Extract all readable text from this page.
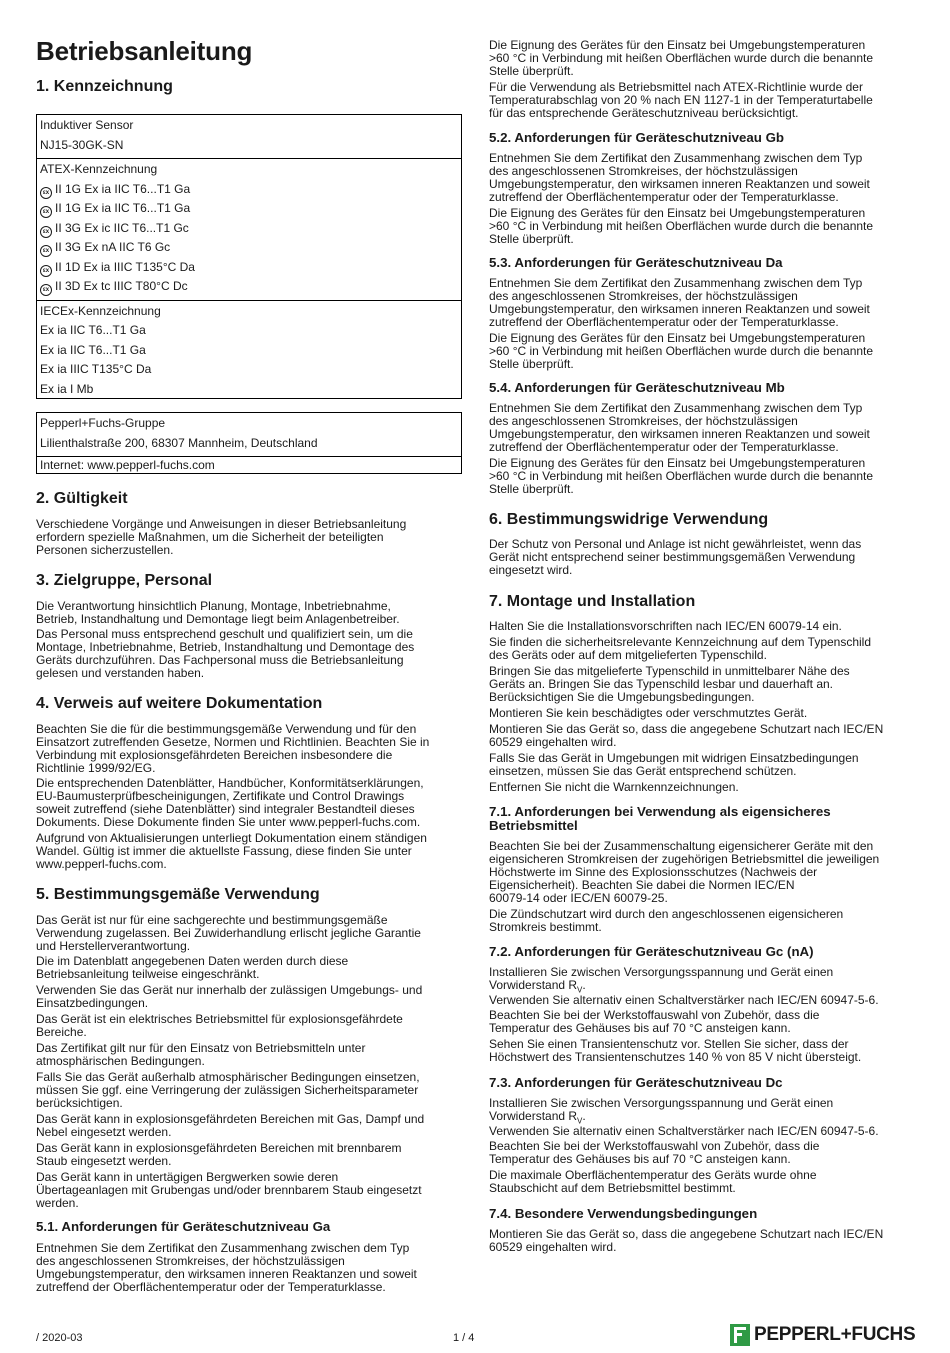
Betriebsanleitung
1. Kennzeichnung
Induktiver Sensor
NJ15-30GK-SN
ATEX-Kennzeichnung
εx II 1G Ex ia IIC T6...T1 Ga
εx II 1G Ex ia IIC T6...T1 Ga
εx II 3G Ex ic IIC T6...T1 Gc
εx II 3G Ex nA IIC T6 Gc
εx II 1D Ex ia IIIC T135°C Da
εx II 3D Ex tc IIIC T80°C Dc
IECEx-Kennzeichnung
Ex ia IIC T6...T1 Ga
Ex ia IIC T6...T1 Ga
Ex ia IIIC T135°C Da
Ex ia I Mb
Pepperl+Fuchs-Gruppe
Lilienthalstraße 200, 68307 Mannheim, Deutschland
Internet: www.pepperl-fuchs.com
2. Gültigkeit

Verschiedene Vorgänge und Anweisungen in dieser Betriebsanleitung
erfordern spezielle Maßnahmen, um die Sicherheit der beteiligten
Personen sicherzustellen.

3. Zielgruppe, Personal

Die Verantwortung hinsichtlich Planung, Montage, Inbetriebnahme,
Betrieb, Instandhaltung und Demontage liegt beim Anlagenbetreiber.

Das Personal muss entsprechend geschult und qualifiziert sein, um die
Montage, Inbetriebnahme, Betrieb, Instandhaltung und Demontage des
Geräts durchzuführen. Das Fachpersonal muss die Betriebsanleitung
gelesen und verstanden haben.

4. Verweis auf weitere Dokumentation

Beachten Sie die für die bestimmungsgemäße Verwendung und für den
Einsatzort zutreffenden Gesetze, Normen und Richtlinien. Beachten Sie in
Verbindung mit explosionsgefährdeten Bereichen insbesondere die
Richtlinie 1999/92/EG.

Die entsprechenden Datenblätter, Handbücher, Konformitätserklärungen,
EU-Baumusterprüfbescheinigungen, Zertifikate und Control Drawings
soweit zutreffend (siehe Datenblätter) sind integraler Bestandteil dieses
Dokuments. Diese Dokumente finden Sie unter www.pepperl-fuchs.com.

Aufgrund von Aktualisierungen unterliegt Dokumentation einem ständigen
Wandel. Gültig ist immer die aktuellste Fassung, diese finden Sie unter
www.pepperl-fuchs.com.

5. Bestimmungsgemäße Verwendung

Das Gerät ist nur für eine sachgerechte und bestimmungsgemäße
Verwendung zugelassen. Bei Zuwiderhandlung erlischt jegliche Garantie
und Herstellerverantwortung.

Die im Datenblatt angegebenen Daten werden durch diese
Betriebsanleitung teilweise eingeschränkt.

Verwenden Sie das Gerät nur innerhalb der zulässigen Umgebungs- und
Einsatzbedingungen.

Das Gerät ist ein elektrisches Betriebsmittel für explosionsgefährdete
Bereiche.

Das Zertifikat gilt nur für den Einsatz von Betriebsmitteln unter
atmosphärischen Bedingungen.

Falls Sie das Gerät außerhalb atmosphärischer Bedingungen einsetzen,
müssen Sie ggf. eine Verringerung der zulässigen Sicherheitsparameter
berücksichtigen.

Das Gerät kann in explosionsgefährdeten Bereichen mit Gas, Dampf und
Nebel eingesetzt werden.

Das Gerät kann in explosionsgefährdeten Bereichen mit brennbarem
Staub eingesetzt werden.

Das Gerät kann in untertägigen Bergwerken sowie deren
Übertageanlagen mit Grubengas und/oder brennbarem Staub eingesetzt
werden.

5.1. Anforderungen für Geräteschutzniveau Ga

Entnehmen Sie dem Zertifikat den Zusammenhang zwischen dem Typ
des angeschlossenen Stromkreises, der höchstzulässigen
Umgebungstemperatur, den wirksamen inneren Reaktanzen und soweit
zutreffend der Oberflächentemperatur oder der Temperaturklasse.

Die Eignung des Gerätes für den Einsatz bei Umgebungstemperaturen
>60 °C in Verbindung mit heißen Oberflächen wurde durch die benannte
Stelle überprüft.

Für die Verwendung als Betriebsmittel nach ATEX-Richtlinie wurde der
Temperaturabschlag von 20 % nach EN 1127-1 in der Temperaturtabelle
für das entsprechende Geräteschutzniveau berücksichtigt.

5.2. Anforderungen für Geräteschutzniveau Gb

Entnehmen Sie dem Zertifikat den Zusammenhang zwischen dem Typ
des angeschlossenen Stromkreises, der höchstzulässigen
Umgebungstemperatur, den wirksamen inneren Reaktanzen und soweit
zutreffend der Oberflächentemperatur oder der Temperaturklasse.

Die Eignung des Gerätes für den Einsatz bei Umgebungstemperaturen
>60 °C in Verbindung mit heißen Oberflächen wurde durch die benannte
Stelle überprüft.

5.3. Anforderungen für Geräteschutzniveau Da

Entnehmen Sie dem Zertifikat den Zusammenhang zwischen dem Typ
des angeschlossenen Stromkreises, der höchstzulässigen
Umgebungstemperatur, den wirksamen inneren Reaktanzen und soweit
zutreffend der Oberflächentemperatur oder der Temperaturklasse.

Die Eignung des Gerätes für den Einsatz bei Umgebungstemperaturen
>60 °C in Verbindung mit heißen Oberflächen wurde durch die benannte
Stelle überprüft.

5.4. Anforderungen für Geräteschutzniveau Mb

Entnehmen Sie dem Zertifikat den Zusammenhang zwischen dem Typ
des angeschlossenen Stromkreises, der höchstzulässigen
Umgebungstemperatur, den wirksamen inneren Reaktanzen und soweit
zutreffend der Oberflächentemperatur oder der Temperaturklasse.

Die Eignung des Gerätes für den Einsatz bei Umgebungstemperaturen
>60 °C in Verbindung mit heißen Oberflächen wurde durch die benannte
Stelle überprüft.

6. Bestimmungswidrige Verwendung

Der Schutz von Personal und Anlage ist nicht gewährleistet, wenn das
Gerät nicht entsprechend seiner bestimmungsgemäßen Verwendung
eingesetzt wird.

7. Montage und Installation

Halten Sie die Installationsvorschriften nach IEC/EN 60079-14 ein.

Sie finden die sicherheitsrelevante Kennzeichnung auf dem Typenschild
des Geräts oder auf dem mitgelieferten Typenschild.

Bringen Sie das mitgelieferte Typenschild in unmittelbarer Nähe des
Geräts an. Bringen Sie das Typenschild lesbar und dauerhaft an.
Berücksichtigen Sie die Umgebungsbedingungen.

Montieren Sie kein beschädigtes oder verschmutztes Gerät.

Montieren Sie das Gerät so, dass die angegebene Schutzart nach IEC/EN
60529 eingehalten wird.

Falls Sie das Gerät in Umgebungen mit widrigen Einsatzbedingungen
einsetzen, müssen Sie das Gerät entsprechend schützen.

Entfernen Sie nicht die Warnkennzeichnungen.

7.1. Anforderungen bei Verwendung als eigensicheres
Betriebsmittel

Beachten Sie bei der Zusammenschaltung eigensicherer Geräte mit den
eigensicheren Stromkreisen der zugehörigen Betriebsmittel die jeweiligen
Höchstwerte im Sinne des Explosionsschutzes (Nachweis der
Eigensicherheit). Beachten Sie dabei die Normen IEC/EN
60079-14 oder IEC/EN 60079-25.

Die Zündschutzart wird durch den angeschlossenen eigensicheren
Stromkreis bestimmt.

7.2. Anforderungen für Geräteschutzniveau Gc (nA)

Installieren Sie zwischen Versorgungsspannung und Gerät einen
Vorwiderstand $R_V$.

Verwenden Sie alternativ einen Schaltverstärker nach IEC/EN 60947-5-6.

Beachten Sie bei der Werkstoffauswahl von Zubehör, dass die
Temperatur des Gehäuses bis auf 70 °C ansteigen kann.

Sehen Sie einen Transientenschutz vor. Stellen Sie sicher, dass der
Höchstwert des Transientenschutzes 140 % von 85 V nicht übersteigt.

7.3. Anforderungen für Geräteschutzniveau Dc

Installieren Sie zwischen Versorgungsspannung und Gerät einen
Vorwiderstand $R_V$.

Verwenden Sie alternativ einen Schaltverstärker nach IEC/EN 60947-5-6.

Beachten Sie bei der Werkstoffauswahl von Zubehör, dass die
Temperatur des Gehäuses bis auf 70 °C ansteigen kann.

Die maximale Oberflächentemperatur des Geräts wurde ohne
Staubschicht auf dem Betriebsmittel bestimmt.

7.4. Besondere Verwendungsbedingungen

Montieren Sie das Gerät so, dass die angegebene Schutzart nach IEC/EN
60529 eingehalten wird.

/ 2020-03	1 / 4	PEPPERL+FUCHS
